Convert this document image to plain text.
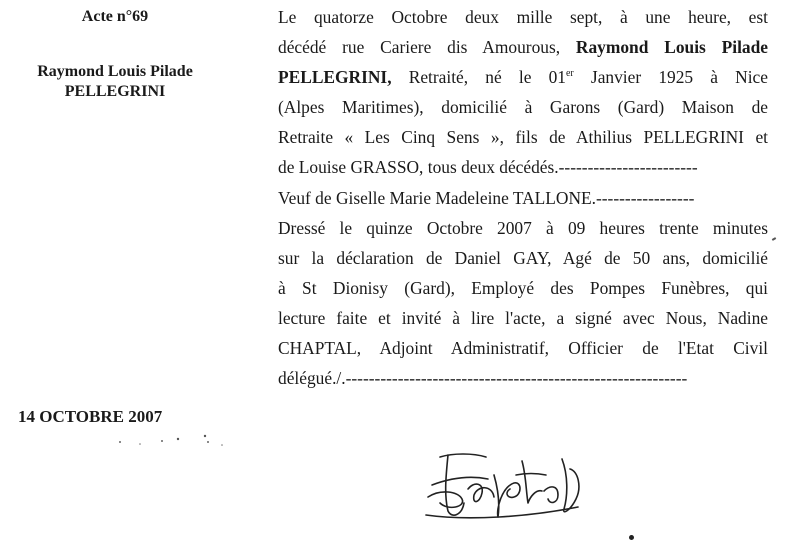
Acte n°69
Raymond Louis Pilade
PELLEGRINI
14 OCTOBRE 2007
Le quatorze Octobre deux mille sept, à une heure, est
décédé rue Cariere dis Amourous, Raymond Louis Pilade
PELLEGRINI, Retraité, né le 01er Janvier 1925 à Nice
(Alpes Maritimes), domicilié à Garons (Gard) Maison de
Retraite « Les Cinq Sens », fils de Athilius PELLEGRINI et
de Louise GRASSO, tous deux décédés.------------------------
Veuf de Giselle Marie Madeleine TALLONE.-----------------
Dressé le quinze Octobre 2007 à 09 heures trente minutes
sur la déclaration de Daniel GAY, Agé de 50 ans, domicilié
à St Dionisy (Gard), Employé des Pompes Funèbres, qui
lecture faite et invité à lire l'acte, a signé avec Nous, Nadine
CHAPTAL, Adjoint Administratif, Officier de l'Etat Civil
délégué./.-----------------------------------------------------------
